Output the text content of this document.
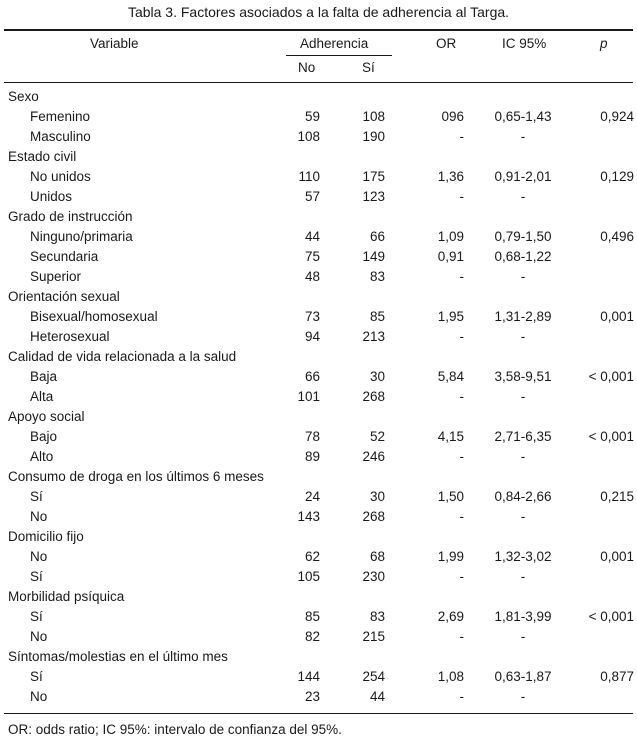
Tabla 3. Factores asociados a la falta de adherencia al Targa.
Variable	Adherencia
No	Sí
OR	IC 95%	p
Sexo
Femenino	59	108	096	0,65-1,43	0,924
Masculino	108	190	-	-
Estado civil
No unidos	110	175	1,36	0,91-2,01	0,129
Unidos	57	123	-	-
Grado de instrucción
Ninguno/primaria	44	66	1,09	0,79-1,50	0,496
Secundaria	75	149	0,91	0,68-1,22
Superior	48	83	-	-
Orientación sexual
Bisexual/homosexual	73	85	1,95	1,31-2,89	0,001
Heterosexual	94	213	-	-
Calidad de vida relacionada a la salud
Baja	66	30	5,84	3,58-9,51	< 0,001
Alta	101	268	-	-
Apoyo social
Bajo	78	52	4,15	2,71-6,35	< 0,001
Alto	89	246	-	-
Consumo de droga en los últimos 6 meses
Sí	24	30	1,50	0,84-2,66	0,215
No	143	268	-	-
Domicilio fijo
No	62	68	1,99	1,32-3,02	0,001
Sí	105	230	-	-
Morbilidad psíquica
Sí	85	83	2,69	1,81-3,99	< 0,001
No	82	215	-	-
Síntomas/molestias en el último mes
Sí	144	254	1,08	0,63-1,87	0,877
No	23	44	-	-
OR: odds ratio; IC 95%: intervalo de confianza del 95%.
